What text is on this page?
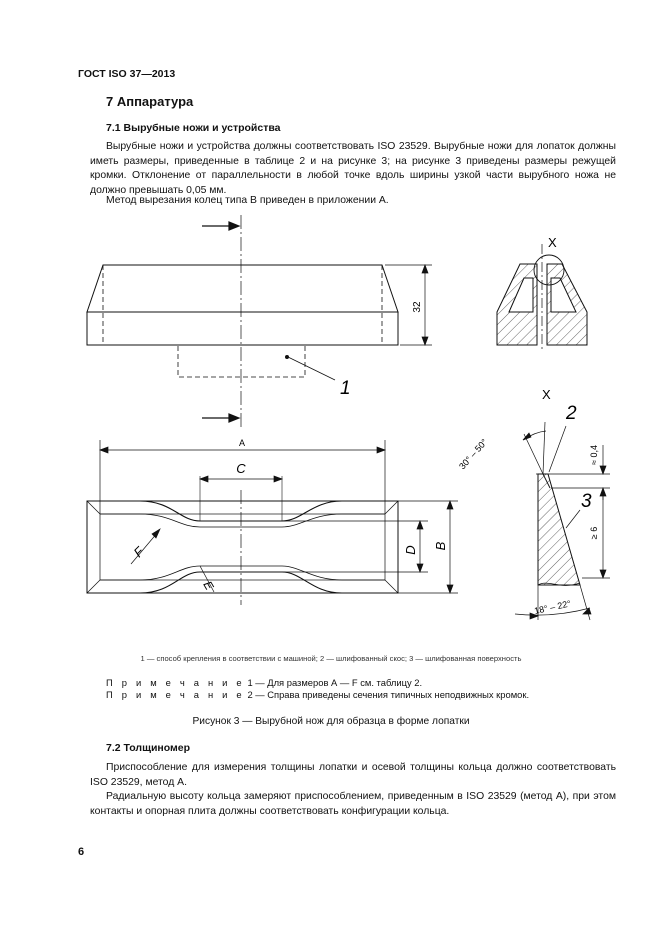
ГОСТ ISO 37—2013
7 Аппаратура
7.1 Вырубные ножи и устройства

Вырубные ножи и устройства должны соответствовать ISO 23529. Вырубные ножи для лопаток должны иметь размеры, приведенные в таблице 2 и на рисунке 3; на рисунке 3 приведены размеры режущей кромки. Отклонение от параллельности в любой точке вдоль ширины узкой части вырубного ножа не должно превышать 0,05 мм.

Метод вырезания колец типа В приведен в приложении А.

32
1
X
A
C
B
D
F
E
X
2
3
30° – 50°	≈ 0,4
≥ 6
18° – 22°
1 — способ крепления в соответствии с машиной; 2 — шлифованный скос; 3 — шлифованная поверхность
П р и м е ч а н и е 1 — Для размеров А — F см. таблицу 2.
П р и м е ч а н и е 2 — Справа приведены сечения типичных неподвижных кромок.
Рисунок 3 — Вырубной нож для образца в форме лопатки
7.2 Толщиномер

Приспособление для измерения толщины лопатки и осевой толщины кольца должно соответствовать ISO 23529, метод А.

Радиальную высоту кольца замеряют приспособлением, приведенным в ISO 23529 (метод А), при этом контакты и опорная плита должны соответствовать конфигурации кольца.

6
